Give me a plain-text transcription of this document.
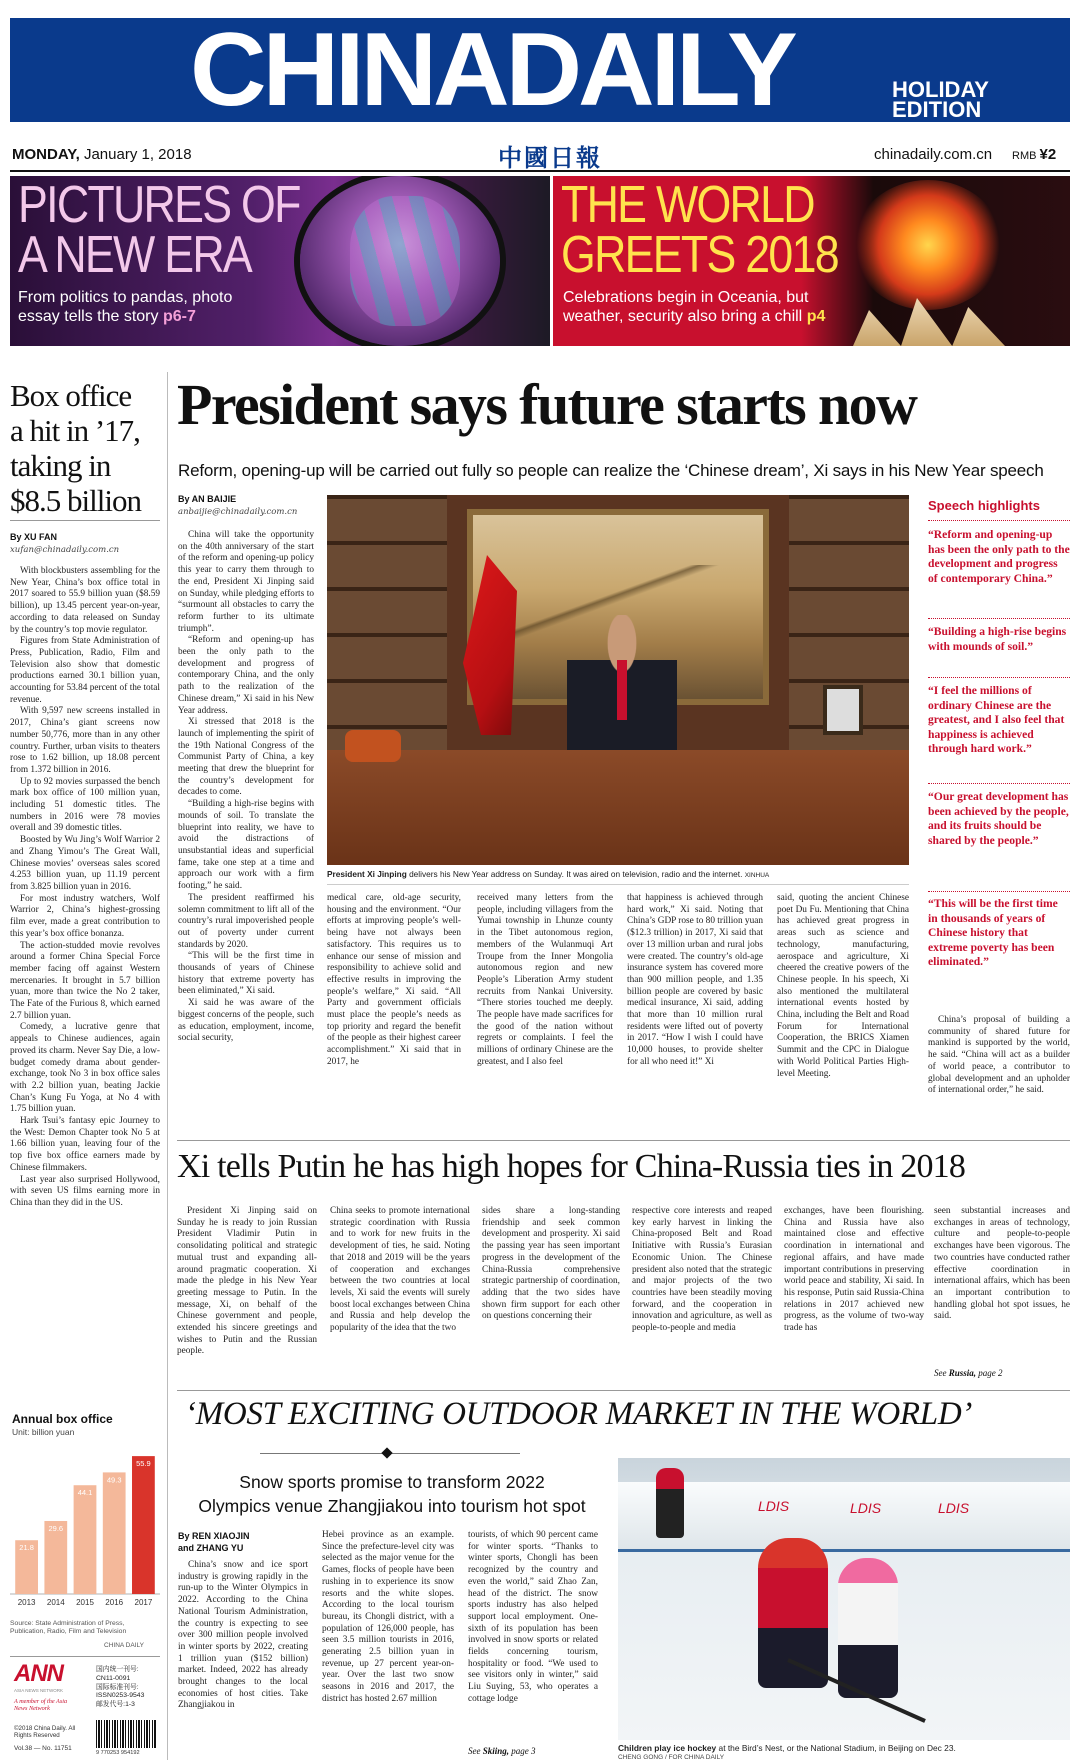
CHINADAILY	HOLIDAY
EDITION
MONDAY, January 1, 2018	中國日報	chinadaily.com.cn RMB ¥2
PICTURES OF
A NEW ERA
From politics to pandas, photo
essay tells the story p6-7
THE WORLD
GREETS 2018
Celebrations begin in Oceania, but
weather, security also bring a chill p4
Box office
a hit in ’17,
taking in
$8.5 billion
By XU FAN
xufan@chinadaily.com.cn

With blockbusters assembling for the New Year, China’s box office total in 2017 soared to 55.9 billion yuan ($8.59 billion), up 13.45 percent year-on-year, according to data released on Sunday by the country’s top movie regulator.

Figures from State Administration of Press, Publication, Radio, Film and Television also show that domestic productions earned 30.1 billion yuan, accounting for 53.84 percent of the total revenue.

With 9,597 new screens installed in 2017, China’s giant screens now number 50,776, more than in any other country. Further, urban visits to theaters rose to 1.62 billion, up 18.08 percent from 1.372 billion in 2016.

Up to 92 movies surpassed the bench mark box office of 100 million yuan, including 51 domestic titles. The numbers in 2016 were 78 movies overall and 39 domestic titles.

Boosted by Wu Jing’s Wolf Warrior 2 and Zhang Yimou’s The Great Wall, Chinese movies’ overseas sales scored 4.253 billion yuan, up 11.19 percent from 3.825 billion yuan in 2016.

For most industry watchers, Wolf Warrior 2, China’s highest-grossing film ever, made a great contribution to this year’s box office bonanza.

The action-studded movie revolves around a former China Special Force member facing off against Western mercenaries. It brought in 5.7 billion yuan, more than twice the No 2 taker, The Fate of the Furious 8, which earned 2.7 billion yuan.

Comedy, a lucrative genre that appeals to Chinese audiences, again proved its charm. Never Say Die, a low-budget comedy drama about gender-exchange, took No 3 in box office sales with 2.2 billion yuan, beating Jackie Chan’s Kung Fu Yoga, at No 4 with 1.75 billion yuan.

Hark Tsui’s fantasy epic Journey to the West: Demon Chapter took No 5 at 1.66 billion yuan, leaving four of the top five box office earners made by Chinese filmmakers.

Last year also surprised Hollywood, with seven US films earning more in China than they did in the US.

Annual box office
Unit: billion yuan
21.8
2013
29.6
2014
44.1
2015
49.3
2016
55.9
2017
Source: State Administration of Press, Publication, Radio, Film and Television
CHINA DAILY
ANN
ASIA NEWS NETWORK
A member of the Asia News Network
©2018 China Daily. All Rights Reserved
Vol.38 — No. 11751
国内统一刊号:
CN11-0091
国际标准刊号:
ISSN0253-9543
邮发代号:1-3
9 770253 954192
President says future starts now
Reform, opening-up will be carried out fully so people can realize the ‘Chinese dream’, Xi says in his New Year speech
By AN BAIJIE
anbaijie@chinadaily.com.cn

China will take the opportunity on the 40th anniversary of the start of the reform and opening-up policy this year to carry them through to the end, President Xi Jinping said on Sunday, while pledging efforts to “surmount all obstacles to carry the reform further to its ultimate triumph”.

“Reform and opening-up has been the only path to the development and progress of contemporary China, and the only path to the realization of the Chinese dream,” Xi said in his New Year address.

Xi stressed that 2018 is the launch of implementing the spirit of the 19th National Congress of the Communist Party of China, a key meeting that drew the blueprint for the country’s development for decades to come.

“Building a high-rise begins with mounds of soil. To translate the blueprint into reality, we have to avoid the distractions of unsubstantial ideas and superficial fame, take one step at a time and approach our work with a firm footing,” he said.

The president reaffirmed his solemn commitment to lift all of the country’s rural impoverished people out of poverty under current standards by 2020.

“This will be the first time in thousands of years of Chinese history that extreme poverty has been eliminated,” Xi said.

Xi said he was aware of the biggest concerns of the people, such as education, employment, income, social security,

President Xi Jinping delivers his New Year address on Sunday. It was aired on television, radio and the internet. XINHUA

medical care, old-age security, housing and the environment. “Our efforts at improving people’s well-being have not always been satisfactory. This requires us to enhance our sense of mission and responsibility to achieve solid and effective results in improving the people’s welfare,” Xi said. “All Party and government officials must place the people’s needs as top priority and regard the benefit of the people as their highest career accomplishment.” Xi said that in 2017, he

received many letters from the people, including villagers from the Yumai township in Lhunze county in the Tibet autonomous region, members of the Wulanmuqi Art Troupe from the Inner Mongolia autonomous region and new People’s Liberation Army student recruits from Nankai University. “There stories touched me deeply. The people have made sacrifices for the good of the nation without regrets or complaints. I feel the millions of ordinary Chinese are the greatest, and I also feel

that happiness is achieved through hard work,” Xi said. Noting that China’s GDP rose to 80 trillion yuan ($12.3 trillion) in 2017, Xi said that over 13 million urban and rural jobs were created. The country’s old-age insurance system has covered more than 900 million people, and 1.35 billion people are covered by basic medical insurance, Xi said, adding that more than 10 million rural residents were lifted out of poverty in 2017. “How I wish I could have 10,000 houses, to provide shelter for all who need it!” Xi

said, quoting the ancient Chinese poet Du Fu. Mentioning that China has achieved great progress in areas such as science and technology, manufacturing, aerospace and agriculture, Xi cheered the creative powers of the Chinese people. In his speech, Xi also mentioned the multilateral international events hosted by China, including the Belt and Road Forum for International Cooperation, the BRICS Xiamen Summit and the CPC in Dialogue with World Political Parties High-level Meeting.

Speech highlights
“Reform and opening-up has been the only path to the development and progress of contemporary China.”
“Building a high-rise begins with mounds of soil.”
“I feel the millions of ordinary Chinese are the greatest, and I also feel that happiness is achieved through hard work.”
“Our great development has been achieved by the people, and its fruits should be shared by the people.”
“This will be the first time in thousands of years of Chinese history that extreme poverty has been eliminated.”

China’s proposal of building a community of shared future for mankind is supported by the world, he said. “China will act as a builder of world peace, a contributor to global development and an upholder of international order,” he said.

Xi tells Putin he has high hopes for China-Russia ties in 2018

President Xi Jinping said on Sunday he is ready to join Russian President Vladimir Putin in consolidating political and strategic mutual trust and expanding all-around pragmatic cooperation. Xi made the pledge in his New Year greeting message to Putin. In the message, Xi, on behalf of the Chinese government and people, extended his sincere greetings and wishes to Putin and the Russian people.

China seeks to promote international strategic coordination with Russia and to work for new fruits in the development of ties, he said. Noting that 2018 and 2019 will be the years of cooperation and exchanges between the two countries at local levels, Xi said the events will surely boost local exchanges between China and Russia and help develop the popularity of the idea that the two

sides share a long-standing friendship and seek common development and prosperity. Xi said the passing year has seen important progress in the development of the China-Russia comprehensive strategic partnership of coordination, adding that the two sides have shown firm support for each other on questions concerning their

respective core interests and reaped key early harvest in linking the China-proposed Belt and Road Initiative with Russia’s Eurasian Economic Union. The Chinese president also noted that the strategic and major projects of the two countries have been steadily moving forward, and the cooperation in innovation and agriculture, as well as people-to-people and media

exchanges, have been flourishing. China and Russia have also maintained close and effective coordination in international and regional affairs, and have made important contributions in preserving world peace and stability, Xi said. In his response, Putin said Russia-China relations in 2017 achieved new progress, as the volume of two-way trade has

seen substantial increases and exchanges in areas of technology, culture and people-to-people exchanges have been vigorous. The two countries have conducted rather effective coordination in international affairs, which has been an important contribution to handling global hot spot issues, he said.

See Russia, page 2
‘MOST EXCITING OUTDOOR MARKET IN THE WORLD’
Snow sports promise to transform 2022
Olympics venue Zhangjiakou into tourism hot spot
By REN XIAOJIN
and ZHANG YU

China’s snow and ice sport industry is growing rapidly in the run-up to the Winter Olympics in 2022. According to the China National Tourism Administration, the country is expecting to see over 300 million people involved in winter sports by 2022, creating 1 trillion yuan ($152 billion) market. Indeed, 2022 has already brought changes to the local economies of host cities. Take Zhangjiakou in

Hebei province as an example. Since the prefecture-level city was selected as the major venue for the Games, flocks of people have been rushing in to experience its snow resorts and the white slopes. According to the local tourism bureau, its Chongli district, with a population of 126,000 people, has seen 3.5 million tourists in 2016, generating 2.5 billion yuan in revenue, up 27 percent year-on-year. Over the last two snow seasons in 2016 and 2017, the district has hosted 2.67 million

tourists, of which 90 percent came for winter sports. “Thanks to winter sports, Chongli has been recognized by the country and even the world,” said Zhao Zan, head of the district. The snow sports industry has also helped support local employment. One-sixth of its population has been involved in snow sports or related fields concerning tourism, hospitality or food. “We used to see visitors only in winter,” said Liu Suying, 53, who operates a cottage lodge

See Skiing, page 3
LDIS	LDIS	LDIS
Children play ice hockey at the Bird’s Nest, or the National Stadium, in Beijing on Dec 23.
CHENG GONG / FOR CHINA DAILY
